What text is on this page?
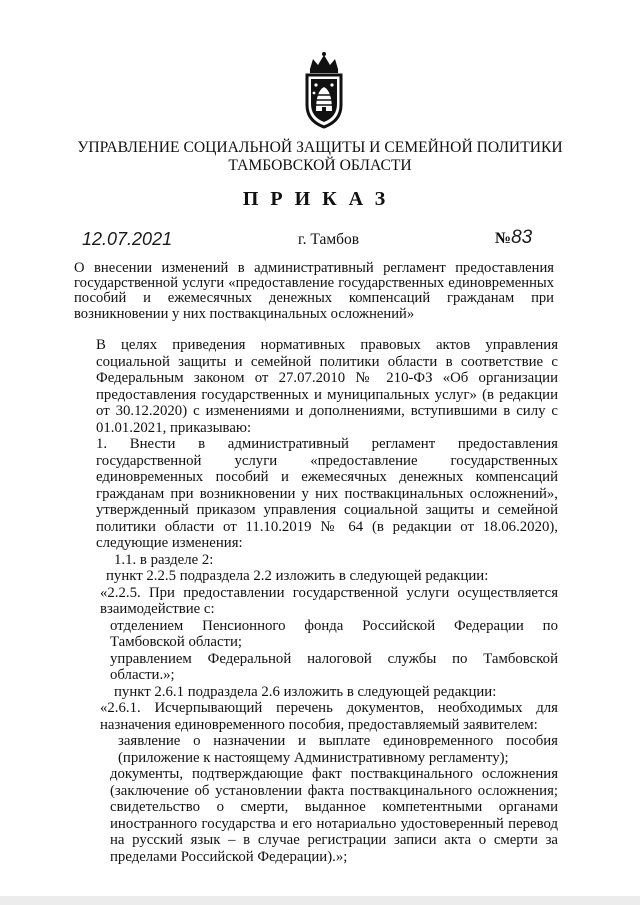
УПРАВЛЕНИЕ СОЦИАЛЬНОЙ ЗАЩИТЫ И СЕМЕЙНОЙ ПОЛИТИКИ
ТАМБОВСКОЙ ОБЛАСТИ
ПРИКАЗ
12.07.2021	г. Тамбов	№83
О внесении изменений в административный регламент предоставления государственной услуги «предоставление государственных единовременных пособий и ежемесячных денежных компенсаций гражданам при возникновении у них поствакцинальных осложнений»

В целях приведения нормативных правовых актов управления социальной защиты и семейной политики области в соответствие с Федеральным законом от 27.07.2010 № 210-ФЗ «Об организации предоставления государственных и муниципальных услуг» (в редакции от 30.12.2020) с изменениями и дополнениями, вступившими в силу с 01.01.2021, приказываю:

1. Внести в административный регламент предоставления государственной услуги «предоставление государственных единовременных пособий и ежемесячных денежных компенсаций гражданам при возникновении у них поствакцинальных осложнений», утвержденный приказом управления социальной защиты и семейной политики области от 11.10.2019 № 64 (в редакции от 18.06.2020), следующие изменения:

1.1. в разделе 2:

пункт 2.2.5 подраздела 2.2 изложить в следующей редакции:

«2.2.5. При предоставлении государственной услуги осуществляется взаимодействие с:

отделением Пенсионного фонда Российской Федерации по Тамбовской области;

управлением Федеральной налоговой службы по Тамбовской области.»;

пункт 2.6.1 подраздела 2.6 изложить в следующей редакции:

«2.6.1. Исчерпывающий перечень документов, необходимых для назначения единовременного пособия, предоставляемый заявителем:

заявление о назначении и выплате единовременного пособия (приложение к настоящему Административному регламенту);

документы, подтверждающие факт поствакцинального осложнения (заключение об установлении факта поствакцинального осложнения; свидетельство о смерти, выданное компетентными органами иностранного государства и его нотариально удостоверенный перевод на русский язык – в случае регистрации записи акта о смерти за пределами Российской Федерации).»;
